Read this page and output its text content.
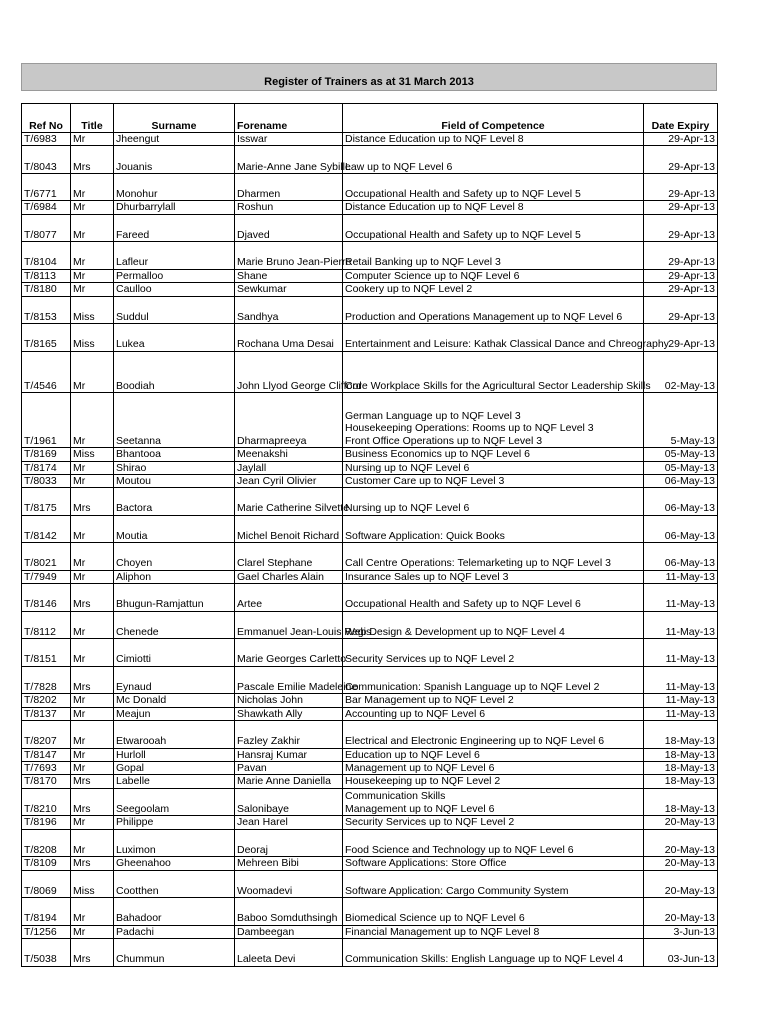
Register of Trainers as at 31 March 2013
Ref No	Title	Surname	Forename	Field of Competence	Date Expiry
T/6983	Mr	Jheengut	Isswar	Distance Education up to NQF Level 8	29-Apr-13
T/8043	Mrs	Jouanis	Marie-Anne Jane Sybille	Law up to NQF Level 6	29-Apr-13
T/6771	Mr	Monohur	Dharmen	Occupational Health and Safety up to NQF Level 5	29-Apr-13
T/6984	Mr	Dhurbarrylall	Roshun	Distance Education up to NQF Level 8	29-Apr-13
T/8077	Mr	Fareed	Djaved	Occupational Health and Safety up to NQF Level 5	29-Apr-13
T/8104	Mr	Lafleur	Marie Bruno Jean-Pierre	Retail Banking up to NQF Level 3	29-Apr-13
T/8113	Mr	Permalloo	Shane	Computer Science up to NQF Level 6	29-Apr-13
T/8180	Mr	Caulloo	Sewkumar	Cookery up to NQF Level 2	29-Apr-13
T/8153	Miss	Suddul	Sandhya	Production and Operations Management up to NQF Level 6	29-Apr-13
T/8165	Miss	Lukea	Rochana Uma Desai	Entertainment and Leisure: Kathak Classical Dance and Chreography	29-Apr-13
T/4546	Mr	Boodiah	John Llyod George Clifford	Core Workplace Skills for the Agricultural Sector Leadership Skills	02-May-13
T/1961	Mr	Seetanna	Dharmapreeya	German Language up to NQF Level 3
Housekeeping Operations: Rooms up to NQF Level 3
Front Office Operations up to NQF Level 3	5-May-13
T/8169	Miss	Bhantooa	Meenakshi	Business Economics up to NQF Level 6	05-May-13
T/8174	Mr	Shirao	Jaylall	Nursing up to NQF Level 6	05-May-13
T/8033	Mr	Moutou	Jean Cyril Olivier	Customer Care up to NQF Level 3	06-May-13
T/8175	Mrs	Bactora	Marie Catherine Silvette	Nursing up to NQF Level 6	06-May-13
T/8142	Mr	Moutia	Michel Benoit Richard	Software Application: Quick Books	06-May-13
T/8021	Mr	Choyen	Clarel Stephane	Call Centre Operations: Telemarketing up to NQF Level 3	06-May-13
T/7949	Mr	Aliphon	Gael Charles Alain	Insurance Sales up to NQF Level 3	11-May-13
T/8146	Mrs	Bhugun-Ramjattun	Artee	Occupational Health and Safety up to NQF Level 6	11-May-13
T/8112	Mr	Chenede	Emmanuel Jean-Louis Regis	Web Design & Development up to NQF Level 4	11-May-13
T/8151	Mr	Cimiotti	Marie Georges Carletto	Security Services up to NQF Level 2	11-May-13
T/7828	Mrs	Eynaud	Pascale Emilie Madeleine	Communication: Spanish Language up to NQF Level 2	11-May-13
T/8202	Mr	Mc Donald	Nicholas John	Bar Management up to NQF Level 2	11-May-13
T/8137	Mr	Meajun	Shawkath Ally	Accounting up to NQF Level 6	11-May-13
T/8207	Mr	Etwarooah	Fazley Zakhir	Electrical and Electronic Engineering up to NQF Level 6	18-May-13
T/8147	Mr	Hurloll	Hansraj Kumar	Education up to NQF Level 6	18-May-13
T/7693	Mr	Gopal	Pavan	Management up to NQF Level 6	18-May-13
T/8170	Mrs	Labelle	Marie Anne Daniella	Housekeeping up to NQF Level 2	18-May-13
T/8210	Mrs	Seegoolam	Salonibaye	Communication Skills
Management up to NQF Level 6	18-May-13
T/8196	Mr	Philippe	Jean Harel	Security Services up to NQF Level 2	20-May-13
T/8208	Mr	Luximon	Deoraj	Food Science and Technology up to NQF Level 6	20-May-13
T/8109	Mrs	Gheenahoo	Mehreen Bibi	Software Applications: Store Office	20-May-13
T/8069	Miss	Cootthen	Woomadevi	Software Application: Cargo Community System	20-May-13
T/8194	Mr	Bahadoor	Baboo Somduthsingh	Biomedical Science up to NQF Level 6	20-May-13
T/1256	Mr	Padachi	Dambeegan	Financial Management up to NQF Level 8	3-Jun-13
T/5038	Mrs	Chummun	Laleeta Devi	Communication Skills: English Language up to NQF Level 4	03-Jun-13
